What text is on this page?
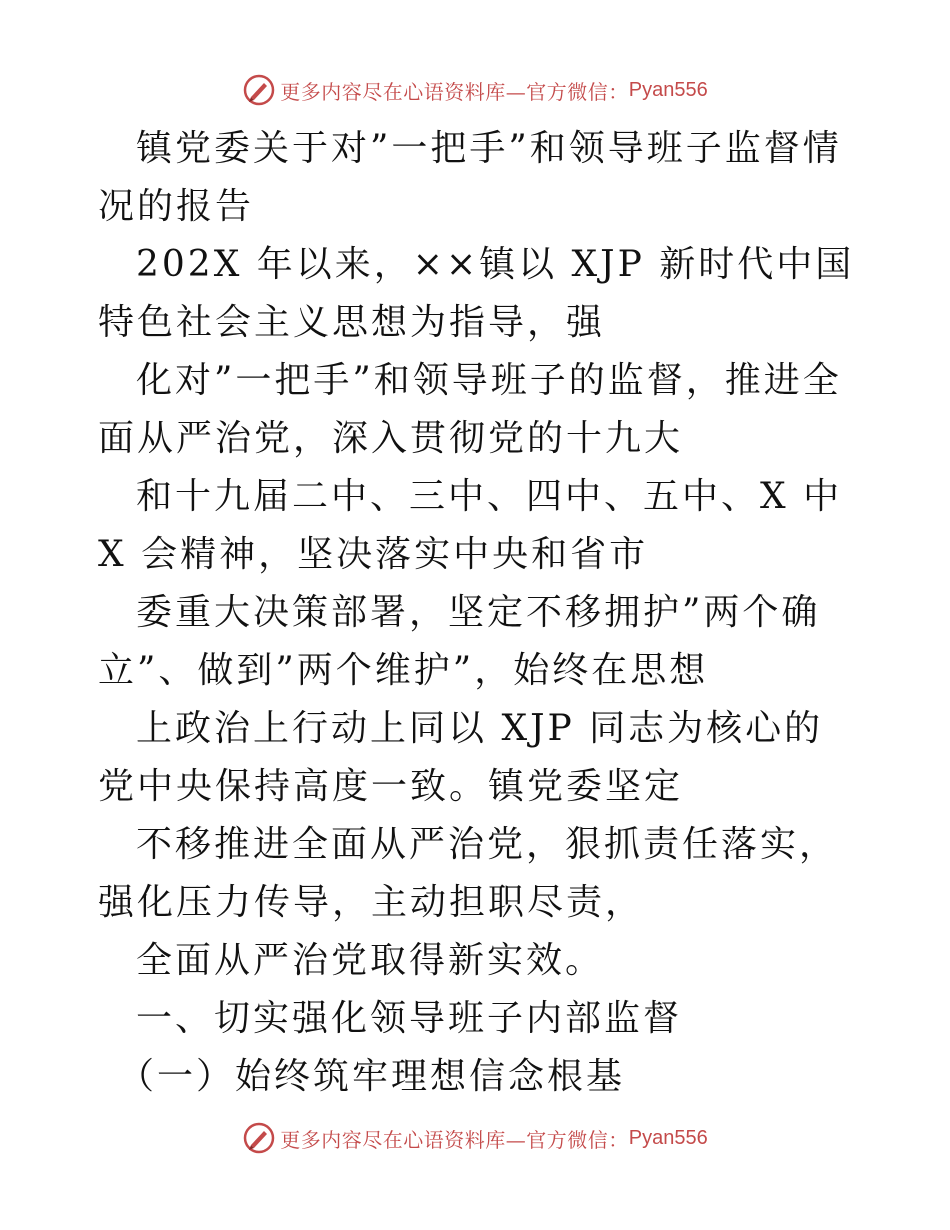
更多内容尽在心语资料库—官方微信： Pyan556

镇党委关于对”一把手”和领导班子监督情况的报告

202X 年以来，××镇以 XJP 新时代中国特色社会主义思想为指导，强

化对”一把手”和领导班子的监督，推进全面从严治党，深入贯彻党的十九大

和十九届二中、三中、四中、五中、X 中 X 会精神，坚决落实中央和省市

委重大决策部署，坚定不移拥护”两个确立”、做到”两个维护”，始终在思想

上政治上行动上同以 XJP 同志为核心的党中央保持高度一致。镇党委坚定

不移推进全面从严治党，狠抓责任落实，强化压力传导，主动担职尽责，

全面从严治党取得新实效。

一、切实强化领导班子内部监督

（一）始终筑牢理想信念根基

更多内容尽在心语资料库—官方微信： Pyan556
